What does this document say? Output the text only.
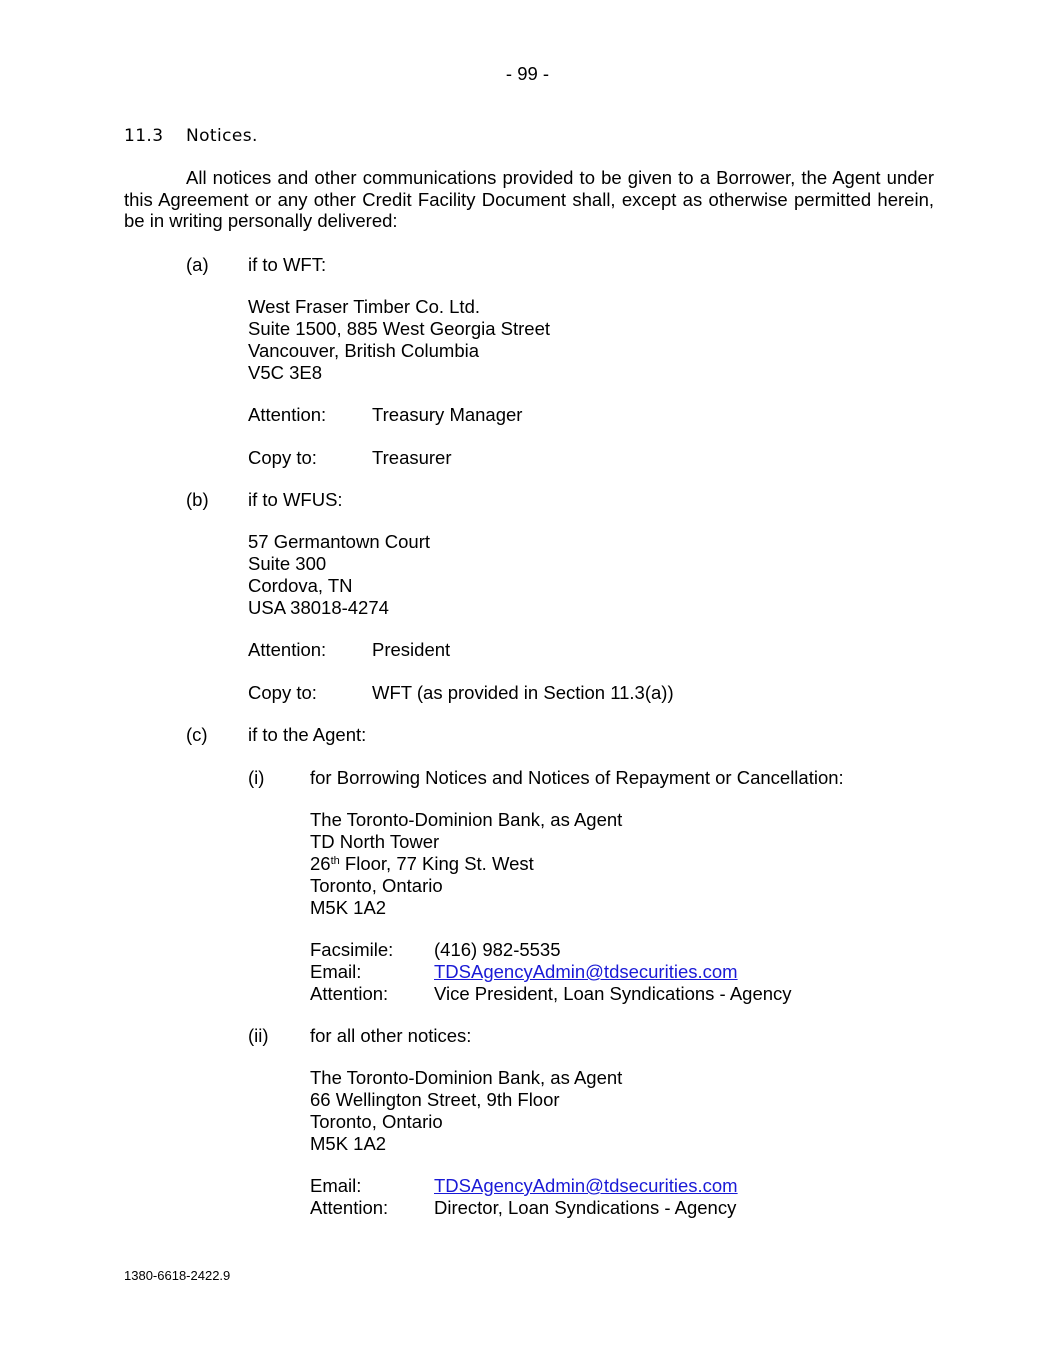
- 99 -
11.3 Notices.
All notices and other communications provided to be given to a Borrower, the Agent under this Agreement or any other Credit Facility Document shall, except as otherwise permitted herein, be in writing personally delivered:
(a) if to WFT:
West Fraser Timber Co. Ltd.
Suite 1500, 885 West Georgia Street
Vancouver, British Columbia
V5C 3E8
Attention: Treasury Manager
Copy to:	Treasurer
(b) if to WFUS:
57 Germantown Court
Suite 300
Cordova, TN
USA 38018-4274
Attention: President
Copy to:	WFT (as provided in Section 11.3(a))
(c) if to the Agent:
(i) for Borrowing Notices and Notices of Repayment or Cancellation:
The Toronto-Dominion Bank, as Agent
TD North Tower
26th Floor, 77 King St. West
Toronto, Ontario
M5K 1A2
Facsimile: (416) 982-5535
Email:	TDSAgencyAdmin@tdsecurities.com
Attention: Vice President, Loan Syndications - Agency
(ii) for all other notices:
The Toronto-Dominion Bank, as Agent
66 Wellington Street, 9th Floor
Toronto, Ontario
M5K 1A2
Email:	TDSAgencyAdmin@tdsecurities.com
Attention: Director, Loan Syndications - Agency
1380-6618-2422.9
